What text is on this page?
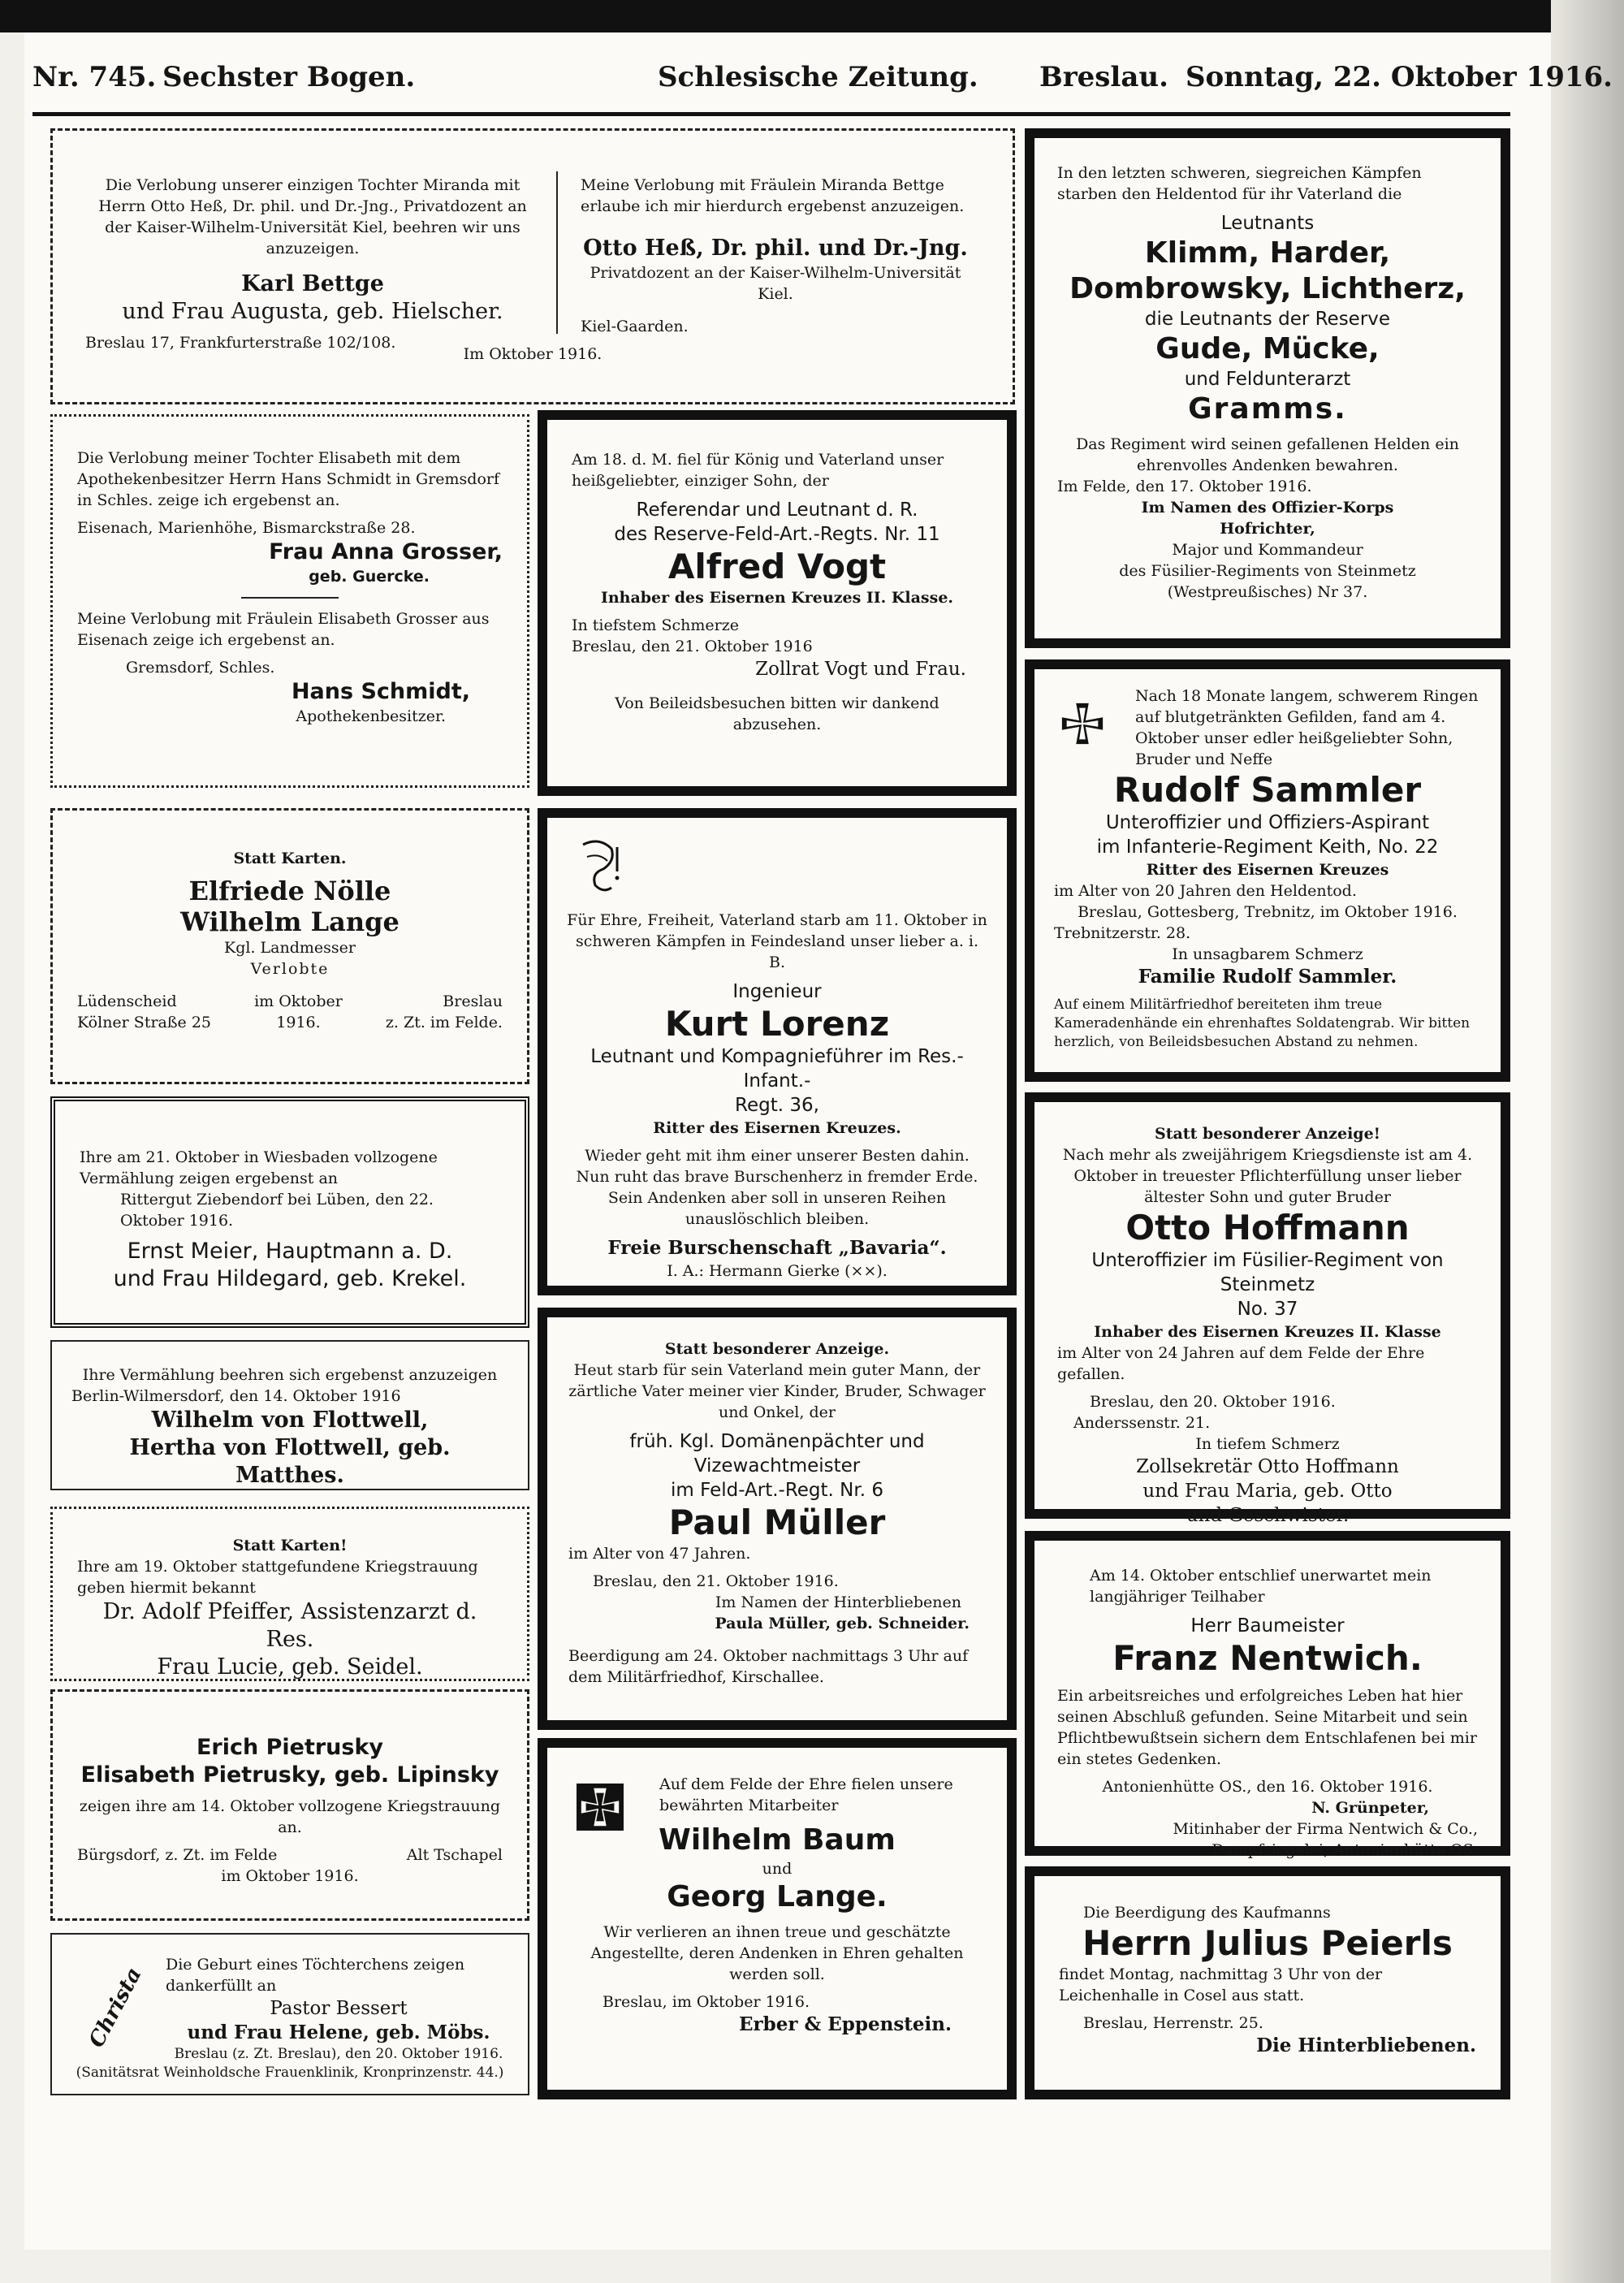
Nr. 745. Sechster Bogen.	Schlesische Zeitung. Breslau. Sonntag, 22. Oktober 1916.
Die Verlobung unserer einzigen Tochter Miranda mit Herrn Otto Heß, Dr. phil. und Dr.-Jng., Privatdozent an der Kaiser-Wilhelm-Universität Kiel, beehren wir uns anzuzeigen.
Karl Bettge
und Frau Augusta, geb. Hielscher.
Breslau 17, Frankfurterstraße 102/108.
Meine Verlobung mit Fräulein Miranda Bettge erlaube ich mir hierdurch ergebenst anzuzeigen.
Otto Heß, Dr. phil. und Dr.-Jng.
Privatdozent an der Kaiser-Wilhelm-Universität Kiel.
Kiel-Gaarden.
Im Oktober 1916.
Die Verlobung meiner Tochter Elisabeth mit dem Apothekenbesitzer Herrn Hans Schmidt in Gremsdorf in Schles. zeige ich ergebenst an.
Eisenach, Marienhöhe, Bismarckstraße 28.
Frau Anna Grosser,
geb. Guercke.
Meine Verlobung mit Fräulein Elisabeth Grosser aus Eisenach zeige ich ergebenst an.
Gremsdorf, Schles.
Hans Schmidt,
Apothekenbesitzer.
Statt Karten.
Elfriede Nölle
Wilhelm Lange
Kgl. Landmesser
Verlobte
Lüdenscheid
Kölner Straße 25
im Oktober
1916.
Breslau
z. Zt. im Felde.
Ihre am 21. Oktober in Wiesbaden vollzogene Vermählung zeigen ergebenst an
Rittergut Ziebendorf bei Lüben, den 22. Oktober 1916.
Ernst Meier, Hauptmann a. D.
und Frau Hildegard, geb. Krekel.
Ihre Vermählung beehren sich ergebenst anzuzeigen
Berlin-Wilmersdorf, den 14. Oktober 1916
Wilhelm von Flottwell,
Hertha von Flottwell, geb. Matthes.
Statt Karten!
Ihre am 19. Oktober stattgefundene Kriegstrauung geben hiermit bekannt
Dr. Adolf Pfeiffer, Assistenzarzt d. Res.
Frau Lucie, geb. Seidel.
Erich Pietrusky
Elisabeth Pietrusky, geb. Lipinsky
zeigen ihre am 14. Oktober vollzogene Kriegstrauung an.
Bürgsdorf, z. Zt. im Felde	Alt Tschapel
im Oktober 1916.
Die Geburt eines Töchterchens zeigen dankerfüllt an
Pastor Bessert
und Frau Helene, geb. Möbs.
Breslau (z. Zt. Breslau), den 20. Oktober 1916.
(Sanitätsrat Weinholdsche Frauenklinik, Kronprinzenstr. 44.)
Christa
Am 18. d. M. fiel für König und Vaterland unser heißgeliebter, einziger Sohn, der
Referendar und Leutnant d. R.
des Reserve-Feld-Art.-Regts. Nr. 11
Alfred Vogt
Inhaber des Eisernen Kreuzes II. Klasse.
In tiefstem Schmerze
Breslau, den 21. Oktober 1916
Zollrat Vogt und Frau.
Von Beileidsbesuchen bitten wir dankend abzusehen.
Für Ehre, Freiheit, Vaterland starb am 11. Oktober in schweren Kämpfen in Feindesland unser lieber a. i. B.
Ingenieur
Kurt Lorenz
Leutnant und Kompagnieführer im Res.-Infant.-
Regt. 36,
Ritter des Eisernen Kreuzes.
Wieder geht mit ihm einer unserer Besten dahin. Nun ruht das brave Burschenherz in fremder Erde. Sein Andenken aber soll in unseren Reihen unauslöschlich bleiben.
Freie Burschenschaft „Bavaria“.
I. A.: Hermann Gierke (××).
Statt besonderer Anzeige.
Heut starb für sein Vaterland mein guter Mann, der zärtliche Vater meiner vier Kinder, Bruder, Schwager und Onkel, der
früh. Kgl. Domänenpächter und Vizewachtmeister
im Feld-Art.-Regt. Nr. 6
Paul Müller
im Alter von 47 Jahren.
Breslau, den 21. Oktober 1916.
Im Namen der Hinterbliebenen
Paula Müller, geb. Schneider.
Beerdigung am 24. Oktober nachmittags 3 Uhr auf dem Militärfriedhof, Kirschallee.
Auf dem Felde der Ehre fielen unsere bewährten Mitarbeiter
Wilhelm Baum
und
Georg Lange.
Wir verlieren an ihnen treue und geschätzte Angestellte, deren Andenken in Ehren gehalten werden soll.
Breslau, im Oktober 1916.
Erber & Eppenstein.
In den letzten schweren, siegreichen Kämpfen starben den Heldentod für ihr Vaterland die
Leutnants
Klimm, Harder,
Dombrowsky, Lichtherz,
die Leutnants der Reserve
Gude, Mücke,
und Feldunterarzt
Gramms.
Das Regiment wird seinen gefallenen Helden ein ehrenvolles Andenken bewahren.
Im Felde, den 17. Oktober 1916.
Im Namen des Offizier-Korps
Hofrichter,
Major und Kommandeur
des Füsilier-Regiments von Steinmetz
(Westpreußisches) Nr 37.
Nach 18 Monate langem, schwerem Ringen auf blutgetränkten Gefilden, fand am 4. Oktober unser edler heißgeliebter Sohn, Bruder und Neffe
Rudolf Sammler
Unteroffizier und Offiziers-Aspirant
im Infanterie-Regiment Keith, No. 22
Ritter des Eisernen Kreuzes
im Alter von 20 Jahren den Heldentod.
Breslau, Gottesberg, Trebnitz, im Oktober 1916.
Trebnitzerstr. 28.
In unsagbarem Schmerz
Familie Rudolf Sammler.
Auf einem Militärfriedhof bereiteten ihm treue Kameradenhände ein ehrenhaftes Soldatengrab. Wir bitten herzlich, von Beileidsbesuchen Abstand zu nehmen.
Statt besonderer Anzeige!
Nach mehr als zweijährigem Kriegsdienste ist am 4. Oktober in treuester Pflichterfüllung unser lieber ältester Sohn und guter Bruder
Otto Hoffmann
Unteroffizier im Füsilier-Regiment von Steinmetz
No. 37
Inhaber des Eisernen Kreuzes II. Klasse
im Alter von 24 Jahren auf dem Felde der Ehre gefallen.
Breslau, den 20. Oktober 1916.
Anderssenstr. 21.
In tiefem Schmerz
Zollsekretär Otto Hoffmann
und Frau Maria, geb. Otto
und Geschwister.
Am 14. Oktober entschlief unerwartet mein langjähriger Teilhaber
Herr Baumeister
Franz Nentwich.
Ein arbeitsreiches und erfolgreiches Leben hat hier seinen Abschluß gefunden. Seine Mitarbeit und sein Pflichtbewußtsein sichern dem Entschlafenen bei mir ein stetes Gedenken.
Antonienhütte OS., den 16. Oktober 1916.
N. Grünpeter,
Mitinhaber der Firma Nentwich & Co.,
Dampfziegelei, Antonienhütte OS.
Die Beerdigung des Kaufmanns
Herrn Julius Peierls
findet Montag, nachmittag 3 Uhr von der Leichenhalle in Cosel aus statt.
Breslau, Herrenstr. 25.
Die Hinterbliebenen.
